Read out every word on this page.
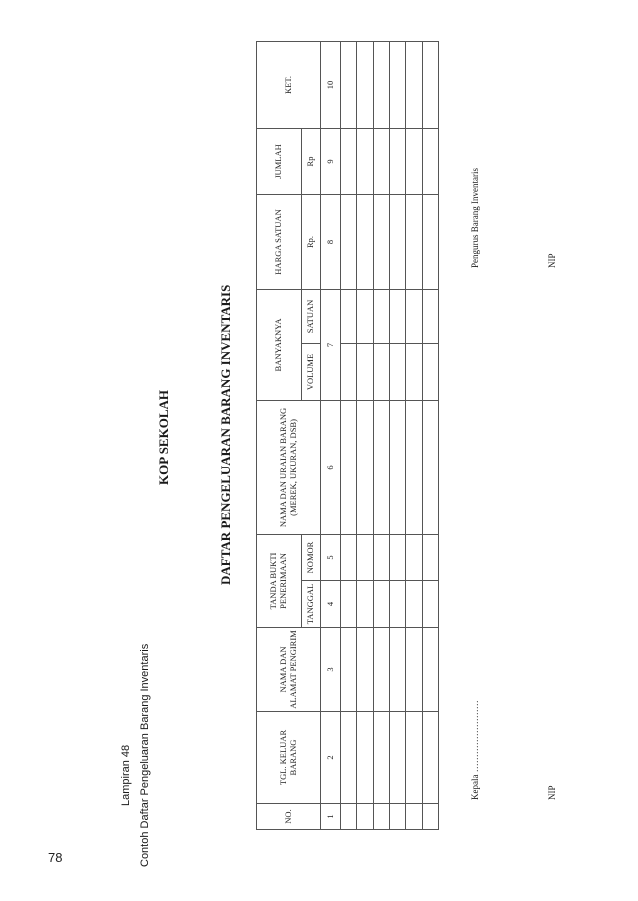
78
Lampiran 48 Contoh Daftar Pengeluaran Barang Inventaris
KOP SEKOLAH	DAFTAR PENGELUARAN BARANG INVENTARIS
NO.	TGL. KELUAR BARANG	NAMA DAN ALAMAT PENGIRIM	TANDA BUKTI PENERIMAAN		NAMA DAN URAIAN BARANG (MEREK, UKURAN, DSB)	BANYAKNYA		HARGA SATUAN	JUMLAH	KET.
			TANGGAL	NOMOR		VOLUME	SATUAN	Rp.	Rp	
1	2	3	4	5	6	7		8	9	10

Pengurus Barang Inventaris
Kepala ……………………
NIP
NIP
